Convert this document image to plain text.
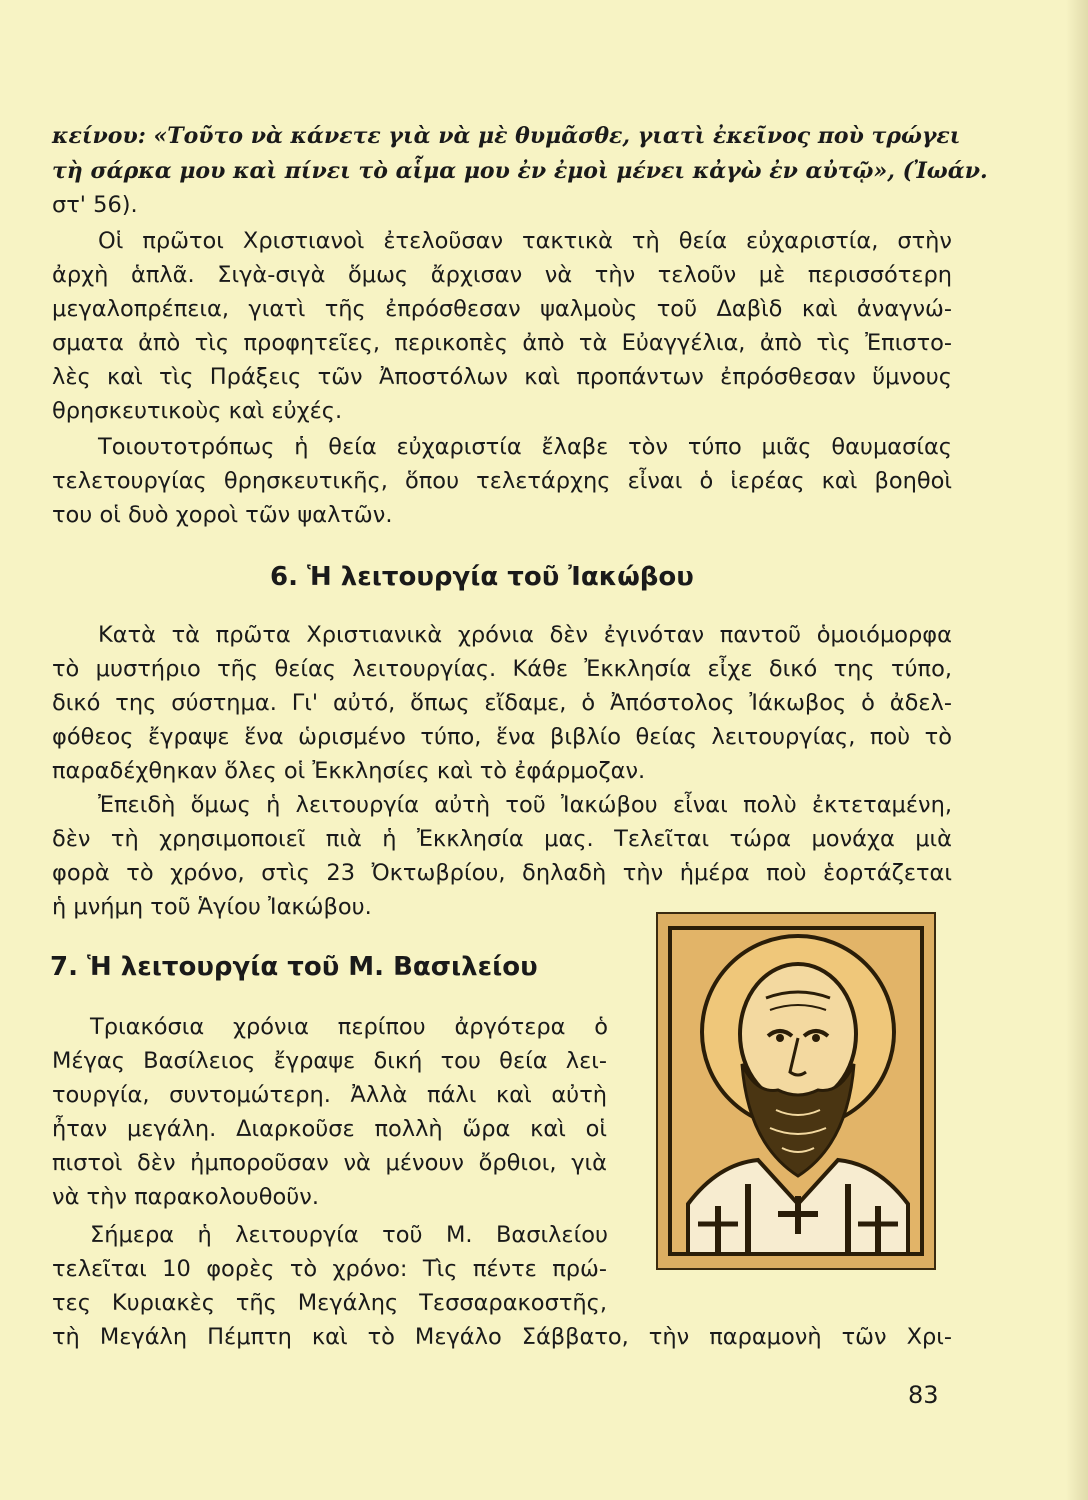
κείνου: «Τοῦτο νὰ κάνετε γιὰ νὰ μὲ θυμᾶσθε, γιατὶ ἐκεῖνος ποὺ τρώγει

τὴ σάρκα μου καὶ πίνει τὸ αἷμα μου ἐν ἐμοὶ μένει κἀγὼ ἐν αὐτῷ», (Ἰωάν.

στ' 56).

Οἱ πρῶτοι Χριστιανοὶ ἐτελοῦσαν τακτικὰ τὴ θεία εὐχαριστία, στὴν

ἀρχὴ ἁπλᾶ. Σιγὰ-σιγὰ ὅμως ἄρχισαν νὰ τὴν τελοῦν μὲ περισσότερη

μεγαλοπρέπεια, γιατὶ τῆς ἐπρόσθεσαν ψαλμοὺς τοῦ Δαβὶδ καὶ ἀναγνώ-

σματα ἀπὸ τὶς προφητεῖες, περικοπὲς ἀπὸ τὰ Εὐαγγέλια, ἀπὸ τὶς Ἐπιστο-

λὲς καὶ τὶς Πράξεις τῶν Ἀποστόλων καὶ προπάντων ἐπρόσθεσαν ὕμνους

θρησκευτικοὺς καὶ εὐχές.

Τοιουτοτρόπως ἡ θεία εὐχαριστία ἔλαβε τὸν τύπο μιᾶς θαυμασίας

τελετουργίας θρησκευτικῆς, ὅπου τελετάρχης εἶναι ὁ ἱερέας καὶ βοηθοὶ

του οἱ δυὸ χοροὶ τῶν ψαλτῶν.

6. Ἡ λειτουργία τοῦ Ἰακώβου

Κατὰ τὰ πρῶτα Χριστιανικὰ χρόνια δὲν ἐγινόταν παντοῦ ὁμοιόμορφα

τὸ μυστήριο τῆς θείας λειτουργίας. Κάθε Ἐκκλησία εἶχε δικό της τύπο,

δικό της σύστημα. Γι' αὐτό, ὅπως εἴδαμε, ὁ Ἀπόστολος Ἰάκωβος ὁ ἀδελ-

φόθεος ἔγραψε ἕνα ὡρισμένο τύπο, ἕνα βιβλίο θείας λειτουργίας, ποὺ τὸ

παραδέχθηκαν ὅλες οἱ Ἐκκλησίες καὶ τὸ ἐφάρμοζαν.

Ἐπειδὴ ὅμως ἡ λειτουργία αὐτὴ τοῦ Ἰακώβου εἶναι πολὺ ἐκτεταμένη,

δὲν τὴ χρησιμοποιεῖ πιὰ ἡ Ἐκκλησία μας. Τελεῖται τώρα μονάχα μιὰ

φορὰ τὸ χρόνο, στὶς 23 Ὀκτωβρίου, δηλαδὴ τὴν ἡμέρα ποὺ ἑορτάζεται

ἡ μνήμη τοῦ Ἁγίου Ἰακώβου.

7. Ἡ λειτουργία τοῦ Μ. Βασιλείου

Τριακόσια χρόνια περίπου ἀργότερα ὁ

Μέγας Βασίλειος ἔγραψε δική του θεία λει-

τουργία, συντομώτερη. Ἀλλὰ πάλι καὶ αὐτὴ

ἦταν μεγάλη. Διαρκοῦσε πολλὴ ὥρα καὶ οἱ

πιστοὶ δὲν ἠμποροῦσαν νὰ μένουν ὄρθιοι, γιὰ

νὰ τὴν παρακολουθοῦν.

Σήμερα ἡ λειτουργία τοῦ Μ. Βασιλείου

τελεῖται 10 φορὲς τὸ χρόνο: Τὶς πέντε πρώ-

τες Κυριακὲς τῆς Μεγάλης Τεσσαρακοστῆς,

τὴ Μεγάλη Πέμπτη καὶ τὸ Μεγάλο Σάββατο, τὴν παραμονὴ τῶν Χρι-

83
